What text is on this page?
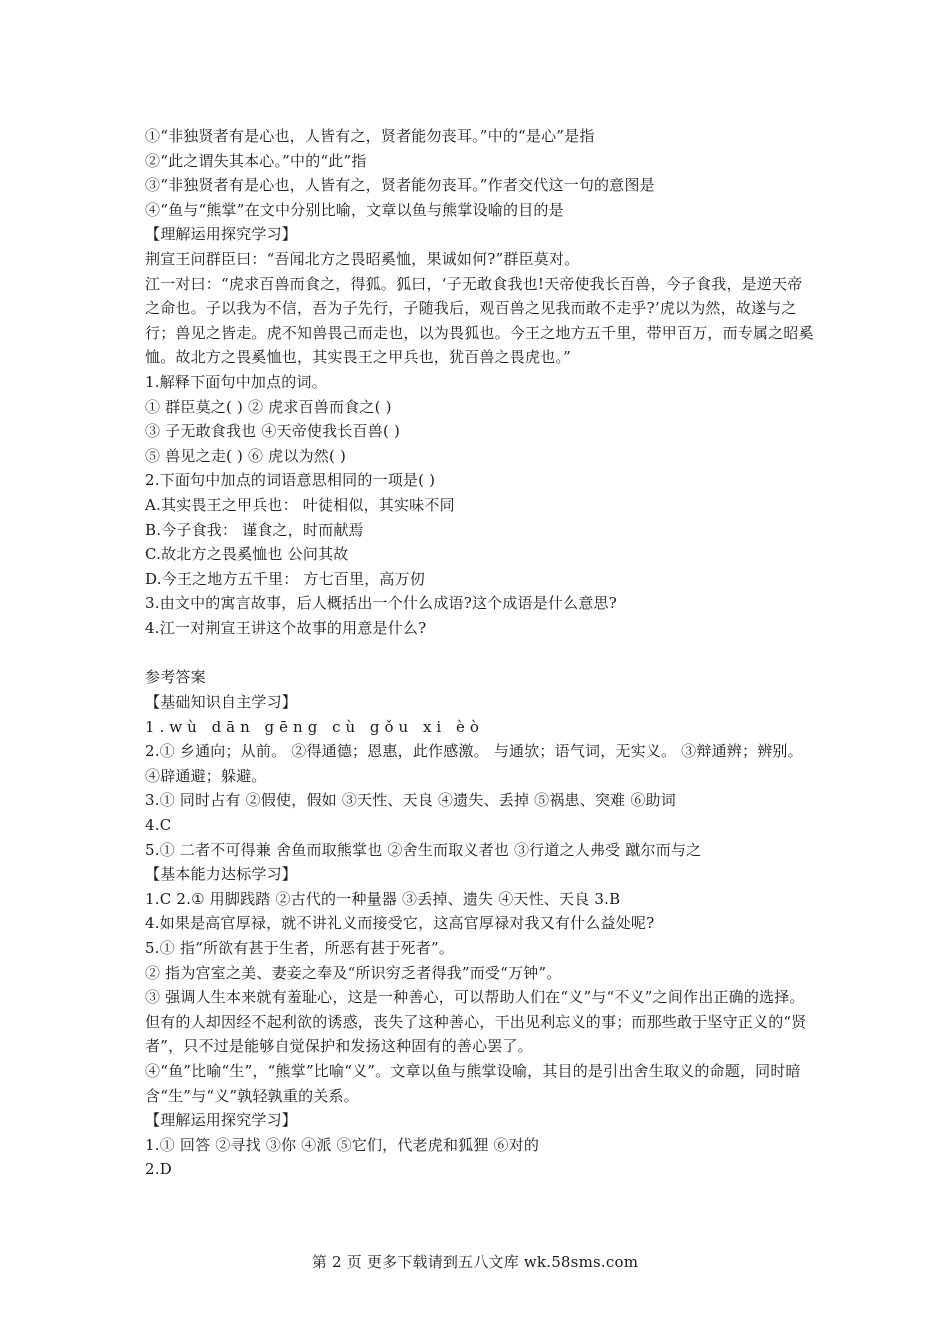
①“非独贤者有是心也，人皆有之，贤者能勿丧耳。”中的“是心”是指

②“此之谓失其本心。”中的“此”指

③“非独贤者有是心也，人皆有之，贤者能勿丧耳。”作者交代这一句的意图是

④“鱼与“熊掌”在文中分别比喻，文章以鱼与熊掌设喻的目的是

【理解运用探究学习】

荆宣王问群臣曰：“吾闻北方之畏昭奚恤，果诚如何?”群臣莫对。

江一对曰：“虎求百兽而食之，得狐。狐曰，‘子无敢食我也!天帝使我长百兽，今子食我，是逆天帝之命也。子以我为不信，吾为子先行，子随我后，观百兽之见我而敢不走乎?’虎以为然，故遂与之行；兽见之皆走。虎不知兽畏己而走也，以为畏狐也。今王之地方五千里，带甲百万，而专属之昭奚恤。故北方之畏奚恤也，其实畏王之甲兵也，犹百兽之畏虎也。”

1.解释下面句中加点的词。

① 群臣莫之( ) ② 虎求百兽而食之( )

③ 子无敢食我也 ④天帝使我长百兽( )

⑤ 兽见之走( ) ⑥ 虎以为然( )

2.下面句中加点的词语意思相同的一项是( )

A.其实畏王之甲兵也： 叶徒相似，其实味不同

B.今子食我： 谨食之，时而献焉

C.故北方之畏奚恤也 公问其故

D.今王之地方五千里： 方七百里，高万仞

3.由文中的寓言故事，后人概括出一个什么成语?这个成语是什么意思?

4.江一对荆宣王讲这个故事的用意是什么?

参考答案

【基础知识自主学习】

1.wù dān gēng cù gǒu xi èò

2.① 乡通向；从前。 ②得通德；恩惠，此作感激。 与通欤；语气词，无实义。 ③辩通辨；辨别。 ④辟通避；躲避。

3.① 同时占有 ②假使，假如 ③天性、天良 ④遗失、丢掉 ⑤祸患、突难 ⑥助词

4.C

5.① 二者不可得兼 舍鱼而取熊掌也 ②舍生而取义者也 ③行道之人弗受 蹴尔而与之

【基本能力达标学习】

1.C 2.① 用脚践踏 ②古代的一种量器 ③丢掉、遗失 ④天性、天良 3.B

4.如果是高官厚禄，就不讲礼义而接受它，这高官厚禄对我又有什么益处呢?

5.① 指“所欲有甚于生者，所恶有甚于死者”。

② 指为宫室之美、妻妾之奉及“所识穷乏者得我”而受“万钟”。

③ 强调人生本来就有羞耻心，这是一种善心，可以帮助人们在“义”与“不义”之间作出正确的选择。但有的人却因经不起利欲的诱惑，丧失了这种善心，干出见利忘义的事；而那些敢于坚守正义的“贤者”，只不过是能够自觉保护和发扬这种固有的善心罢了。

④“鱼”比喻“生”，“熊掌”比喻“义”。文章以鱼与熊掌设喻，其目的是引出舍生取义的命题，同时暗含“生”与“义”孰轻孰重的关系。

【理解运用探究学习】

1.① 回答 ②寻找 ③你 ④派 ⑤它们，代老虎和狐狸 ⑥对的

2.D

第 2 页 更多下载请到五八文库 wk.58sms.com
